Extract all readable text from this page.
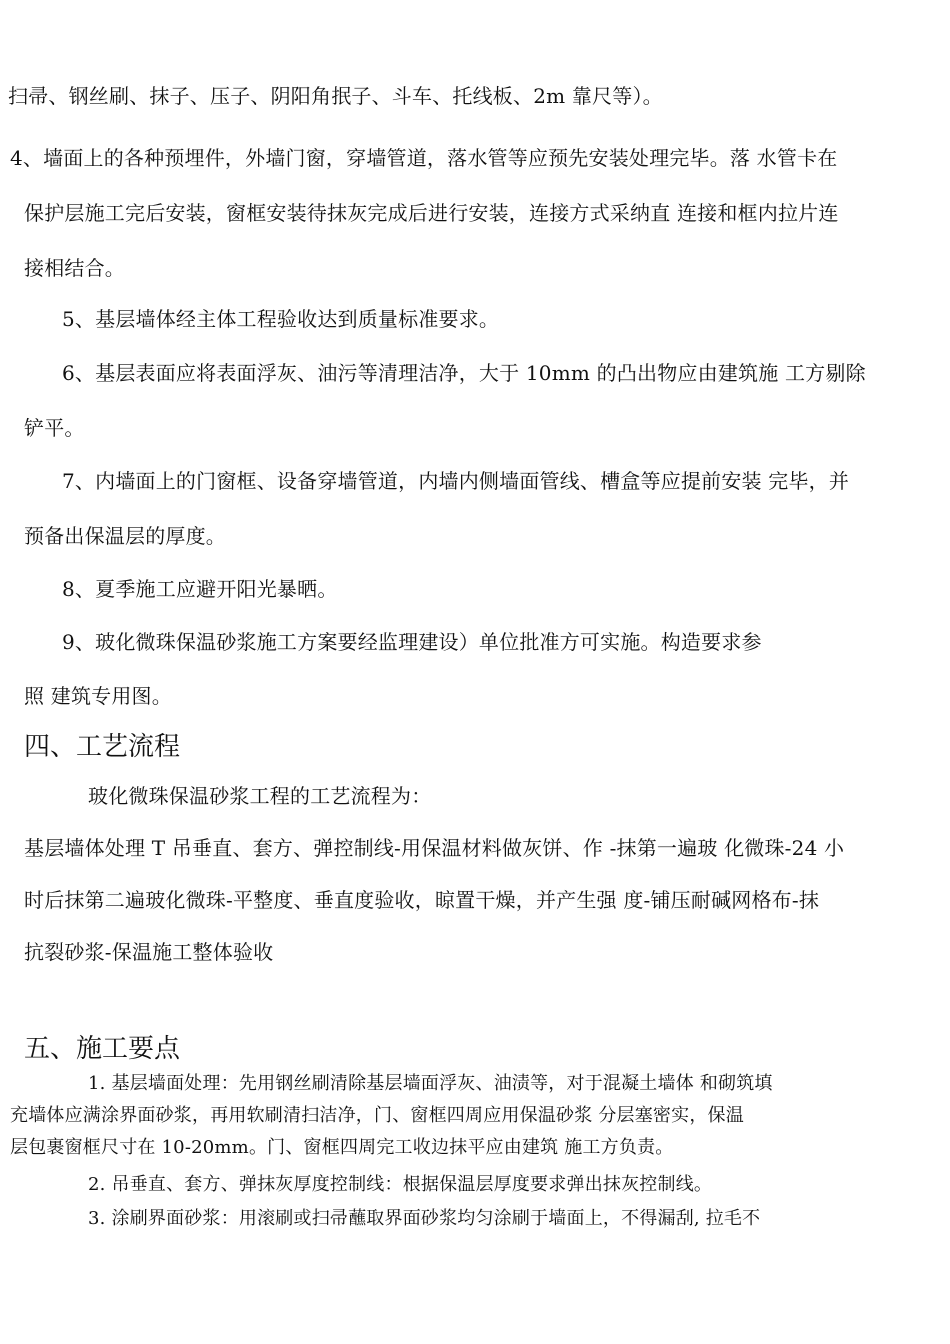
扫帚、钢丝刷、抹子、压子、阴阳角抿子、斗车、托线板、2m 靠尺等）。
4、墙面上的各种预埋件，外墙门窗，穿墙管道，落水管等应预先安装处理完毕。落 水管卡在
保护层施工完后安装，窗框安装待抹灰完成后进行安装，连接方式采纳直 连接和框内拉片连
接相结合。
5、基层墙体经主体工程验收达到质量标准要求。
6、基层表面应将表面浮灰、油污等清理洁净，大于 10mm 的凸出物应由建筑施 工方剔除
铲平。
7、内墙面上的门窗框、设备穿墙管道，内墙内侧墙面管线、槽盒等应提前安装 完毕，并
预备出保温层的厚度。
8、夏季施工应避开阳光暴晒。
9、玻化微珠保温砂浆施工方案要经监理建设）单位批准方可实施。构造要求参
照 建筑专用图。
四、工艺流程
玻化微珠保温砂浆工程的工艺流程为：
基层墙体处理 T 吊垂直、套方、弹控制线-用保温材料做灰饼、作 -抹第一遍玻 化微珠-24 小
时后抹第二遍玻化微珠-平整度、垂直度验收，晾置干燥，并产生强 度-铺压耐碱网格布-抹
抗裂砂浆-保温施工整体验收
五、施工要点
1. 基层墙面处理：先用钢丝刷清除基层墙面浮灰、油渍等，对于混凝土墙体 和砌筑填
充墙体应满涂界面砂浆，再用软刷清扫洁净，门、窗框四周应用保温砂浆 分层塞密实，保温
层包裹窗框尺寸在 10-20mm。门、窗框四周完工收边抹平应由建筑 施工方负责。
2. 吊垂直、套方、弹抹灰厚度控制线：根据保温层厚度要求弹出抹灰控制线。
3. 涂刷界面砂浆：用滚刷或扫帚蘸取界面砂浆均匀涂刷于墙面上，不得漏刮, 拉毛不
